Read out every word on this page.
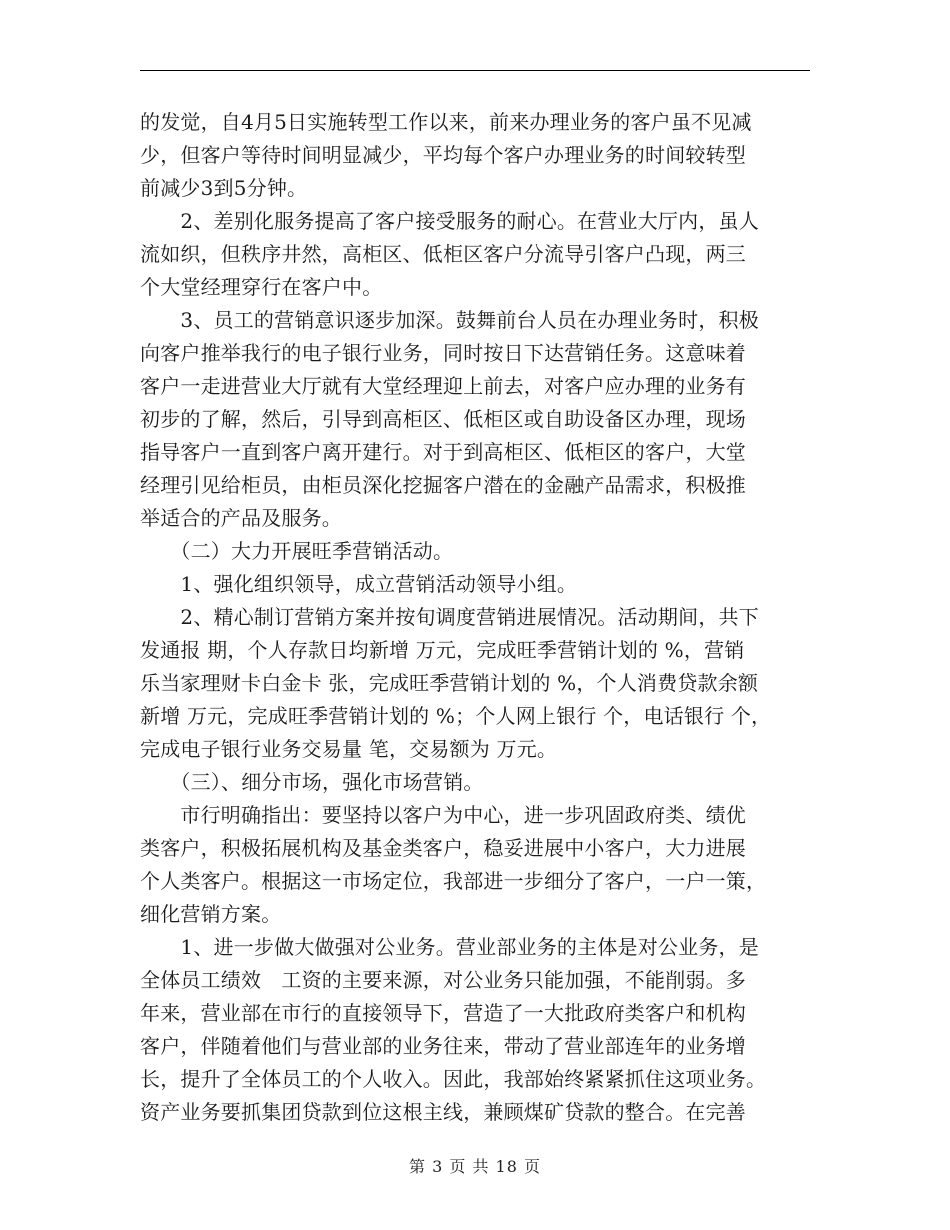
的发觉，自4月5日实施转型工作以来，前来办理业务的客户虽不见减
少，但客户等待时间明显减少，平均每个客户办理业务的时间较转型
前减少3到5分钟。
　　2、差别化服务提高了客户接受服务的耐心。在营业大厅内，虽人
流如织，但秩序井然，高柜区、低柜区客户分流导引客户凸现，两三
个大堂经理穿行在客户中。
　　3、员工的营销意识逐步加深。鼓舞前台人员在办理业务时，积极
向客户推举我行的电子银行业务，同时按日下达营销任务。这意味着
客户一走进营业大厅就有大堂经理迎上前去，对客户应办理的业务有
初步的了解，然后，引导到高柜区、低柜区或自助设备区办理，现场
指导客户一直到客户离开建行。对于到高柜区、低柜区的客户，大堂
经理引见给柜员，由柜员深化挖掘客户潜在的金融产品需求，积极推
举适合的产品及服务。
　　（二）大力开展旺季营销活动。
　　1、强化组织领导，成立营销活动领导小组。
　　2、精心制订营销方案并按旬调度营销进展情况。活动期间，共下
发通报 期，个人存款日均新增 万元，完成旺季营销计划的 %，营销
乐当家理财卡白金卡 张，完成旺季营销计划的 %，个人消费贷款余额
新增 万元，完成旺季营销计划的 %；个人网上银行 个，电话银行 个，
完成电子银行业务交易量 笔，交易额为 万元。
　　（三）、细分市场，强化市场营销。
　　市行明确指出：要坚持以客户为中心，进一步巩固政府类、绩优
类客户，积极拓展机构及基金类客户，稳妥进展中小客户，大力进展
个人类客户。根据这一市场定位，我部进一步细分了客户，一户一策，
细化营销方案。
　　1、进一步做大做强对公业务。营业部业务的主体是对公业务，是
全体员工绩效　工资的主要来源，对公业务只能加强，不能削弱。多
年来，营业部在市行的直接领导下，营造了一大批政府类客户和机构
客户，伴随着他们与营业部的业务往来，带动了营业部连年的业务增
长，提升了全体员工的个人收入。因此，我部始终紧紧抓住这项业务。
资产业务要抓集团贷款到位这根主线，兼顾煤矿贷款的整合。在完善
第 3 页 共 18 页
